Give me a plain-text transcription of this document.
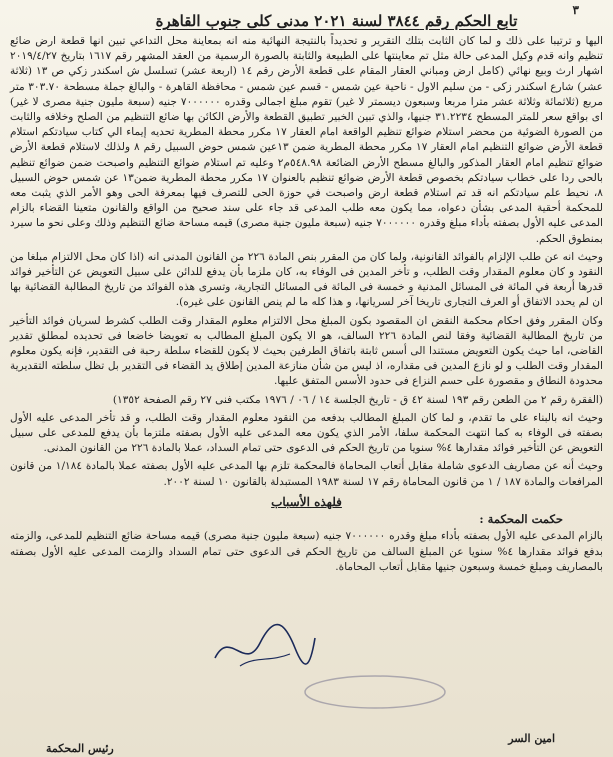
٣
تابع الحكم رقم ٣٨٤٤ لسنة ٢٠٢١ مدنى كلى جنوب القاهرة

اليها و ترتيبا على ذلك و لما كان الثابت بتلك التقرير و تحديداً بالنتيجة النهائية منه انه بمعاينة محل التداعي تبين انها قطعة ارض ضائع تنظيم وانه قدم وكيل المدعى حالة مثل تم معاينتها على الطبيعة والثابتة بالصورة الرسمية من العقد المشهر رقم ١٦١٧ بتاريخ ٢٠١٩/٤/٢٧ اشهار ارث وبيع نهائي (كامل ارض ومباني العقار المقام على قطعة الأرض رقم ١٤ (اربعة عشر) تسلسل ش اسكندر زكي ص ١٣ (ثلاثة عشر) شارع اسكندر زكى - من سليم الاول - ناحية عين شمس - قسم عين شمس - محافظة القاهرة - والبالغ جملة مسطحة ٣٠٣.٧٠ متر مربع (ثلاثمائة وثلاثة عشر مترا مربعا وسبعون ديسمتر لا غير) تقوم مبلغ اجمالى وقدره ٧٠٠٠٠٠٠ جنيه (سبعة مليون جنية مصرى لا غير) اى بواقع سعر للمتر المسطح ٣١.٢٢٣٤ جنيها، والذي تبين الخبير تطبيق القطعة والأرض الكائن بها ضائع التنظيم من الصلح وخلافه والثابت من الصورة الضوئية من محضر استلام ضوائع تنظيم الواقعة امام العقار ١٧ مكرر محطة المطرية تحديه إيماء الي كتاب سيادتكم استلام قطعة الأرض ضوائع التنظيم امام العقار ١٧ مكرر محطة المطرية ضمن ١٣عين شمس حوض السبيل رقم ٨ ولذلك لاستلام قطعة الأرض ضوائع تنظيم امام العقار المذكور والبالغ مسطح الأرض الضائعة ٥٤٨.٩٨م٢ وعليه تم استلام ضوائع التنظيم واصبحت ضمن ضوائع تنظيم بالحى ردا على خطاب سيادتكم بخصوص قطعة الأرض ضوائع تنظيم بالعنوان ١٧ مكرر محطة المطرية ضمن١٣ عن شمس حوض السبيل ٨، نحيط علم سيادتكم انه قد تم استلام قطعة ارض واصبحت في حوزة الحى للتصرف فيها بمعرفة الحى وهو الأمر الذي يثبت معه للمحكمة أحقية المدعى بشأن دعواه، مما يكون معه طلب المدعى قد جاء على سند صحيح من الواقع والقانون متعينا القضاء بالزام المدعى عليه الأول بصفته بأداء مبلغ وقدره ٧٠٠٠٠٠٠ جنيه (سبعة مليون جنية مصرى) قيمه مساحة ضائع التنظيم وذلك وعلى نحو ما سيرد بمنطوق الحكم.

وحيث انه عن طلب الإلزام بالفوائد القانونية، ولما كان من المقرر بنص المادة ٢٢٦ من القانون المدنى انه (اذا كان محل الالتزام مبلغا من النقود و كان معلوم المقدار وقت الطلب، و تأخر المدين فى الوفاء به، كان ملزما بأن يدفع للدائن على سبيل التعويض عن التأخير فوائد قدرها أربعة في المائة فى المسائل المدنية و خمسة فى المائة فى المسائل التجارية، وتسرى هذه الفوائد من تاريخ المطالبة القضائية بها ان لم يحدد الاتفاق أو العرف التجارى تاريخا آخر لسريانها، و هذا كله ما لم ينص القانون على غيره).

وكان المقرر وفق احكام محكمة النقض ان المقصود بكون المبلغ محل الالتزام معلوم المقدار وقت الطلب كشرط لسريان فوائد التأخير من تاريخ المطالبة القضائية وفقا لنص المادة ٢٢٦ السالف، هو الا يكون المبلغ المطالب به تعويضا خاضعا فى تحديده لمطلق تقدير القاضى، اما حيث يكون التعويض مستندا الى أسس ثابتة باتفاق الطرفين بحيث لا يكون للقضاء سلطة رحبة فى التقدير، فإنه يكون معلوم المقدار وقت الطلب و لو نازع المدين فى مقداره، اذ ليس من شأن منازعة المدين إطلاق يد القضاء فى التقدير بل تظل سلطته التقديرية محدودة النطاق و مقصورة على حسم النزاع فى حدود الأسس المتفق عليها.

(الفقرة رقم ٢ من الطعن رقم ١٩٣ لسنة ٤٢ ق - تاريخ الجلسة ١٤ / ٠٦ / ١٩٧٦ مكتب فنى ٢٧ رقم الصفحة ١٣٥٢)

وحيث انه بالبناء على ما تقدم، و لما كان المبلغ المطالب بدفعه من النقود معلوم المقدار وقت الطلب، و قد تأخر المدعى عليه الأول بصفته فى الوفاء به كما انتهت المحكمة سلفا، الأمر الذي يكون معه المدعى عليه الأول بصفته ملتزما بأن يدفع للمدعى على سبيل التعويض عن التأخير فوائد مقدارها ٤% سنويا من تاريخ الحكم فى الدعوى حتى تمام السداد، عملا بالمادة ٢٢٦ من القانون المدنى.

وحيث أنه عن مصاريف الدعوى شاملة مقابل أتعاب المحاماة فالمحكمة تلزم بها المدعى عليه الأول بصفته عملا بالمادة ١/١٨٤ من قانون المرافعات والمادة ١٨٧ / ١ من قانون المحاماة رقم ١٧ لسنة ١٩٨٣ المستبدلة بالقانون ١٠ لسنة ٢٠٠٢.

فلهذه الأسباب
حكمت المحكمة :

بالزام المدعى عليه الأول بصفته بأداء مبلغ وقدره ٧٠٠٠٠٠٠ جنيه (سبعة مليون جنية مصرى) قيمه مساحة ضائع التنظيم للمدعى، والزمته بدفع فوائد مقدارها ٤% سنويا عن المبلغ السالف من تاريخ الحكم فى الدعوى حتى تمام السداد والزمت المدعى عليه الأول بصفته بالمصاريف ومبلغ خمسة وسبعون جنيها مقابل أتعاب المحاماة.

امين السر
رئيس المحكمة
